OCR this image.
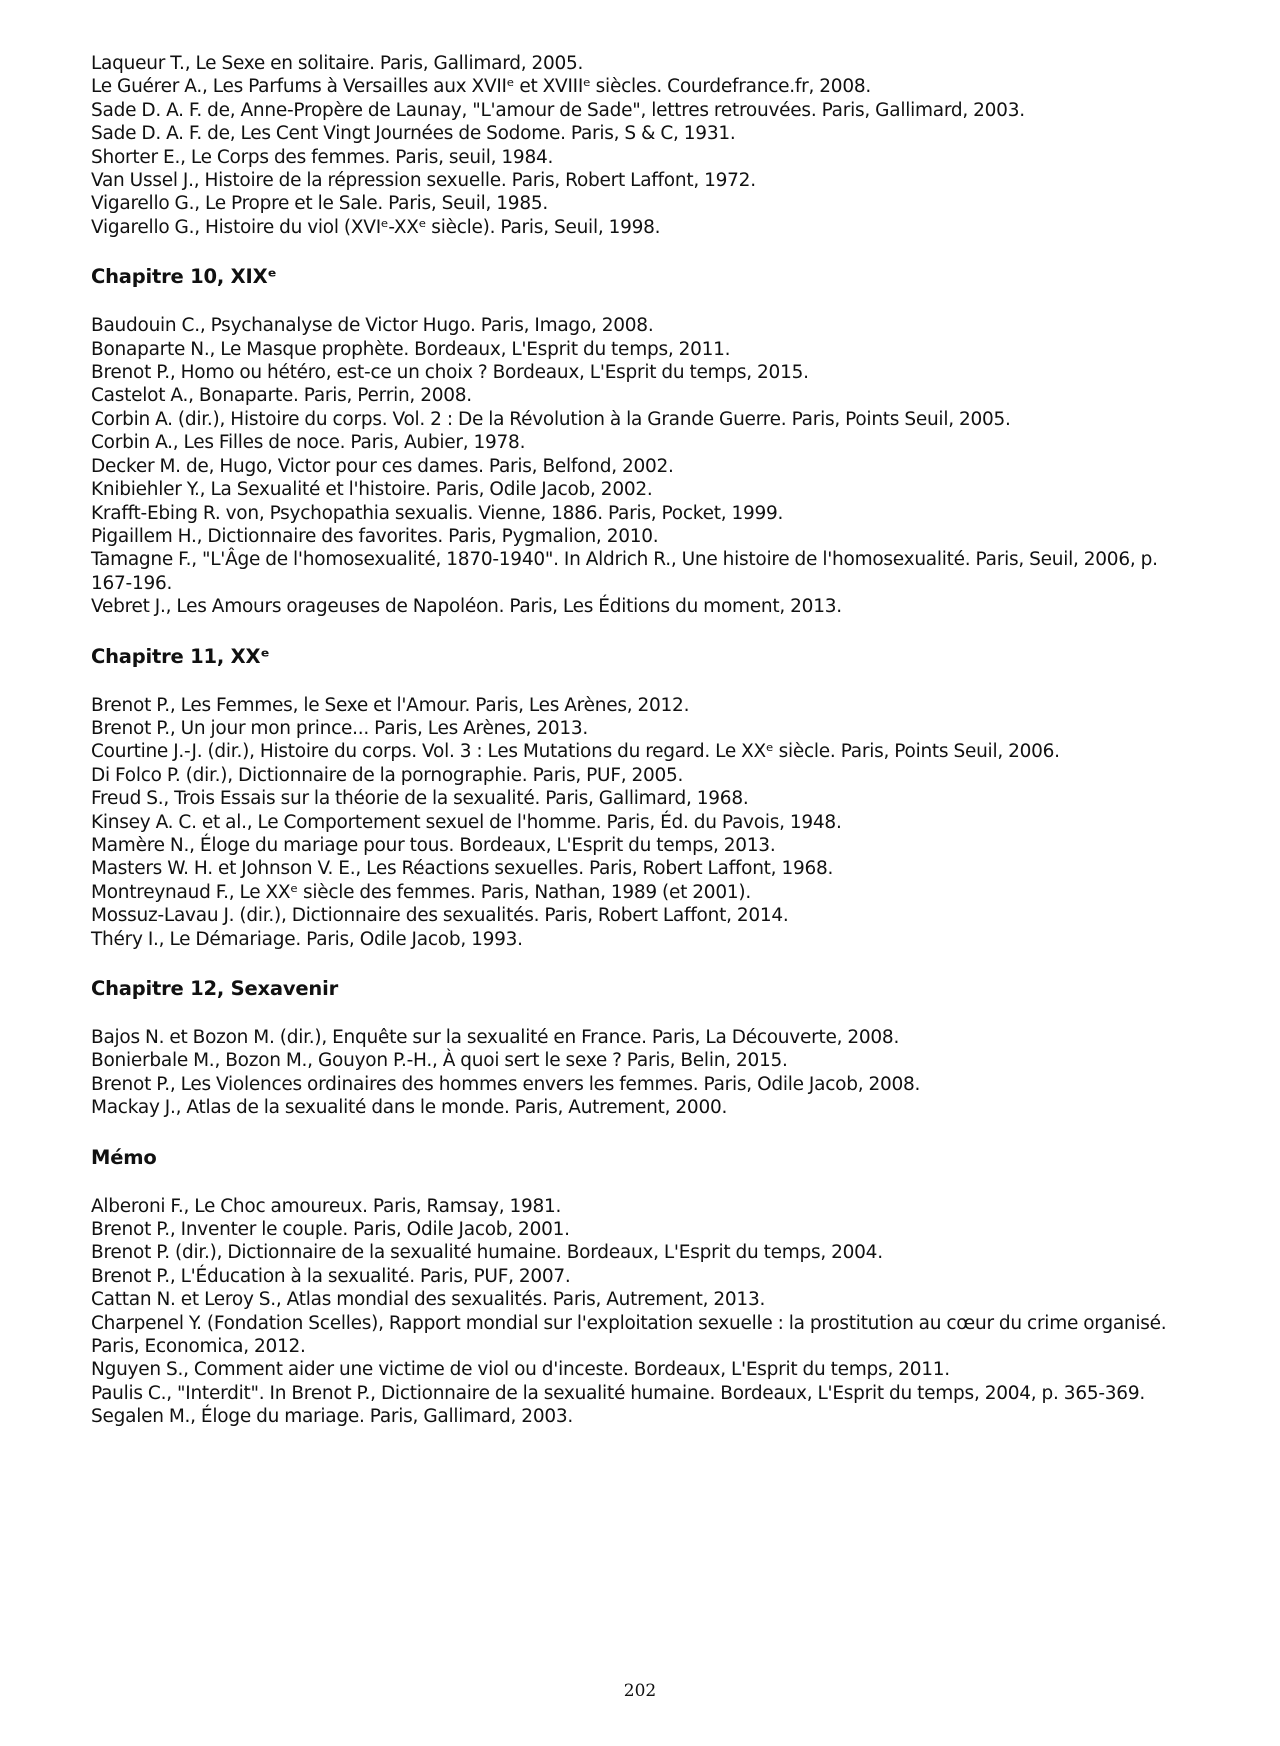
Laqueur T., Le Sexe en solitaire. Paris, Gallimard, 2005.

Le Guérer A., Les Parfums à Versailles aux XVIIᵉ et XVIIIᵉ siècles. Courdefrance.fr, 2008.

Sade D. A. F. de, Anne-Propère de Launay, "L'amour de Sade", lettres retrouvées. Paris, Gallimard, 2003.

Sade D. A. F. de, Les Cent Vingt Journées de Sodome. Paris, S & C, 1931.

Shorter E., Le Corps des femmes. Paris, seuil, 1984.

Van Ussel J., Histoire de la répression sexuelle. Paris, Robert Laffont, 1972.

Vigarello G., Le Propre et le Sale. Paris, Seuil, 1985.

Vigarello G., Histoire du viol (XVIᵉ-XXᵉ siècle). Paris, Seuil, 1998.

Chapitre 10, XIXᵉ

Baudouin C., Psychanalyse de Victor Hugo. Paris, Imago, 2008.

Bonaparte N., Le Masque prophète. Bordeaux, L'Esprit du temps, 2011.

Brenot P., Homo ou hétéro, est-ce un choix ? Bordeaux, L'Esprit du temps, 2015.

Castelot A., Bonaparte. Paris, Perrin, 2008.

Corbin A. (dir.), Histoire du corps. Vol. 2 : De la Révolution à la Grande Guerre. Paris, Points Seuil, 2005.

Corbin A., Les Filles de noce. Paris, Aubier, 1978.

Decker M. de, Hugo, Victor pour ces dames. Paris, Belfond, 2002.

Knibiehler Y., La Sexualité et l'histoire. Paris, Odile Jacob, 2002.

Krafft-Ebing R. von, Psychopathia sexualis. Vienne, 1886. Paris, Pocket, 1999.

Pigaillem H., Dictionnaire des favorites. Paris, Pygmalion, 2010.

Tamagne F., "L'Âge de l'homosexualité, 1870-1940". In Aldrich R., Une histoire de l'homosexualité. Paris, Seuil, 2006, p. 167-196.

Vebret J., Les Amours orageuses de Napoléon. Paris, Les Éditions du moment, 2013.

Chapitre 11, XXᵉ

Brenot P., Les Femmes, le Sexe et l'Amour. Paris, Les Arènes, 2012.

Brenot P., Un jour mon prince... Paris, Les Arènes, 2013.

Courtine J.-J. (dir.), Histoire du corps. Vol. 3 : Les Mutations du regard. Le XXᵉ siècle. Paris, Points Seuil, 2006.

Di Folco P. (dir.), Dictionnaire de la pornographie. Paris, PUF, 2005.

Freud S., Trois Essais sur la théorie de la sexualité. Paris, Gallimard, 1968.

Kinsey A. C. et al., Le Comportement sexuel de l'homme. Paris, Éd. du Pavois, 1948.

Mamère N., Éloge du mariage pour tous. Bordeaux, L'Esprit du temps, 2013.

Masters W. H. et Johnson V. E., Les Réactions sexuelles. Paris, Robert Laffont, 1968.

Montreynaud F., Le XXᵉ siècle des femmes. Paris, Nathan, 1989 (et 2001).

Mossuz-Lavau J. (dir.), Dictionnaire des sexualités. Paris, Robert Laffont, 2014.

Théry I., Le Démariage. Paris, Odile Jacob, 1993.

Chapitre 12, Sexavenir

Bajos N. et Bozon M. (dir.), Enquête sur la sexualité en France. Paris, La Découverte, 2008.

Bonierbale M., Bozon M., Gouyon P.-H., À quoi sert le sexe ? Paris, Belin, 2015.

Brenot P., Les Violences ordinaires des hommes envers les femmes. Paris, Odile Jacob, 2008.

Mackay J., Atlas de la sexualité dans le monde. Paris, Autrement, 2000.

Mémo

Alberoni F., Le Choc amoureux. Paris, Ramsay, 1981.

Brenot P., Inventer le couple. Paris, Odile Jacob, 2001.

Brenot P. (dir.), Dictionnaire de la sexualité humaine. Bordeaux, L'Esprit du temps, 2004.

Brenot P., L'Éducation à la sexualité. Paris, PUF, 2007.

Cattan N. et Leroy S., Atlas mondial des sexualités. Paris, Autrement, 2013.

Charpenel Y. (Fondation Scelles), Rapport mondial sur l'exploitation sexuelle : la prostitution au cœur du crime organisé. Paris, Economica, 2012.

Nguyen S., Comment aider une victime de viol ou d'inceste. Bordeaux, L'Esprit du temps, 2011.

Paulis C., "Interdit". In Brenot P., Dictionnaire de la sexualité humaine. Bordeaux, L'Esprit du temps, 2004, p. 365-369.

Segalen M., Éloge du mariage. Paris, Gallimard, 2003.

202
